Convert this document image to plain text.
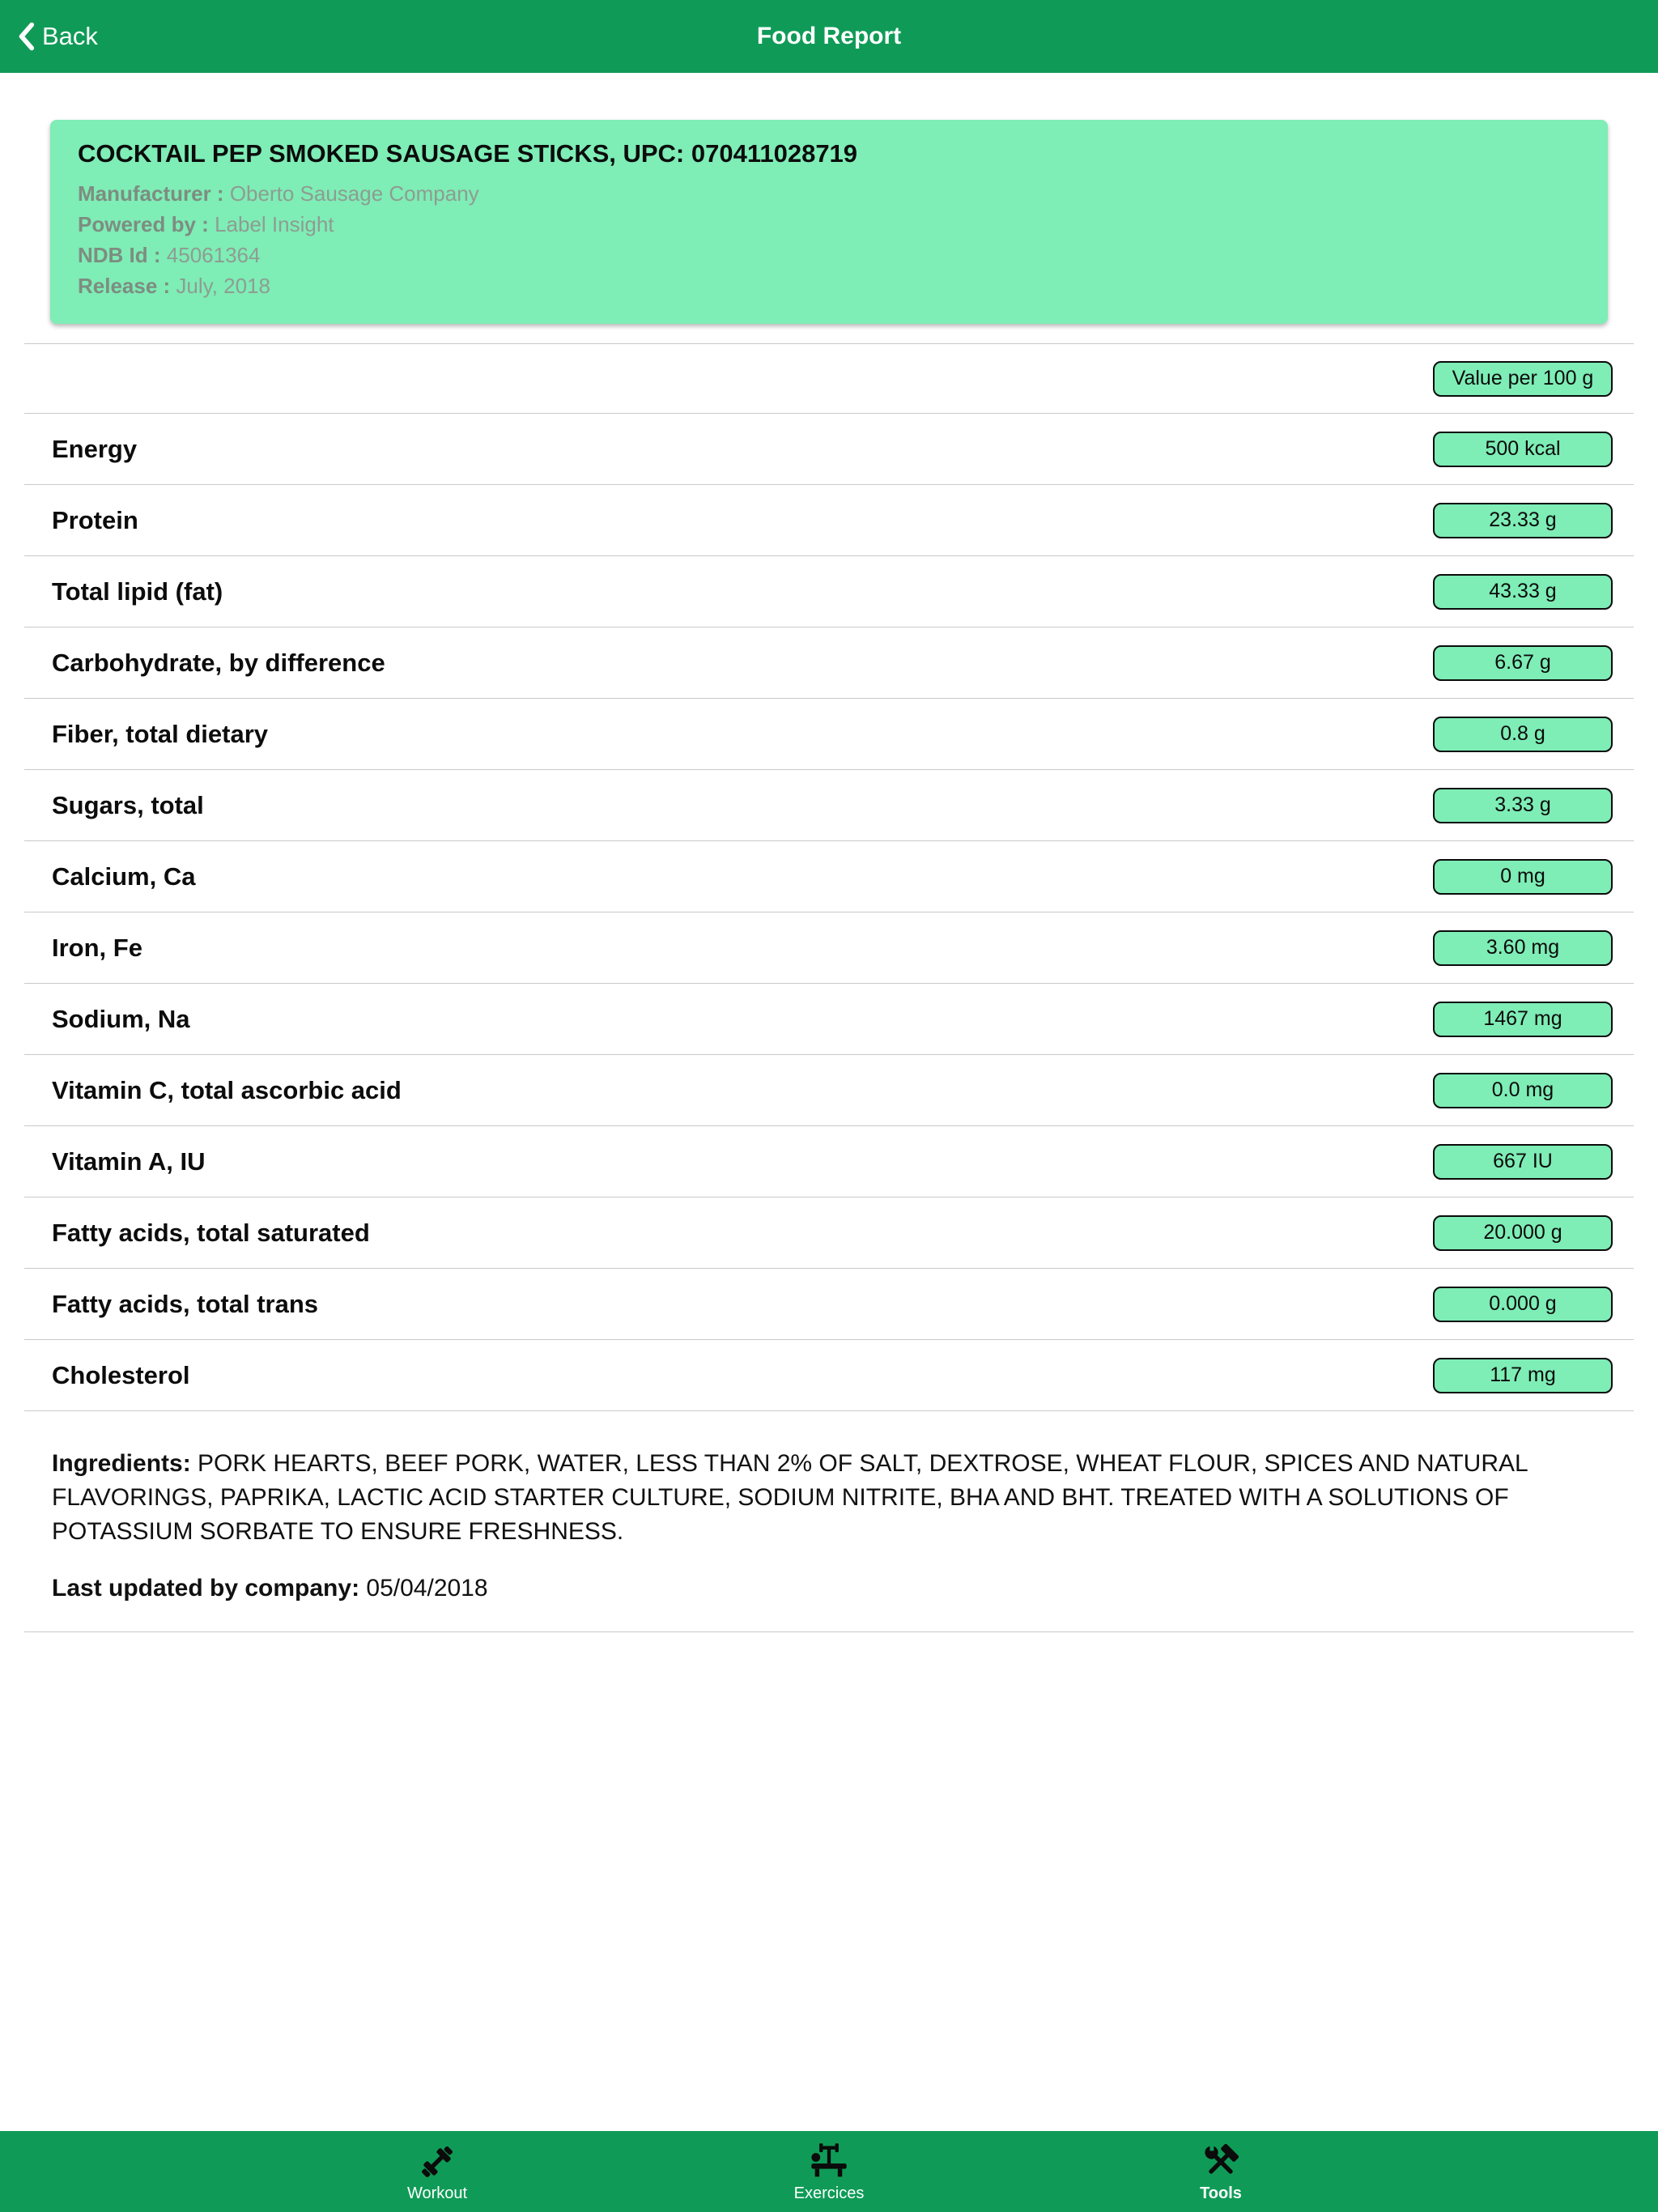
Back	Food Report
COCKTAIL PEP SMOKED SAUSAGE STICKS, UPC: 070411028719
Manufacturer : Oberto Sausage Company
Powered by : Label Insight
NDB Id : 45061364
Release : July, 2018
Value per 100 g
Energy	500 kcal
Protein	23.33 g
Total lipid (fat)	43.33 g
Carbohydrate, by difference	6.67 g
Fiber, total dietary	0.8 g
Sugars, total	3.33 g
Calcium, Ca	0 mg
Iron, Fe	3.60 mg
Sodium, Na	1467 mg
Vitamin C, total ascorbic acid	0.0 mg
Vitamin A, IU	667 IU
Fatty acids, total saturated	20.000 g
Fatty acids, total trans	0.000 g
Cholesterol	117 mg

Ingredients: PORK HEARTS, BEEF PORK, WATER, LESS THAN 2% OF SALT, DEXTROSE, WHEAT FLOUR, SPICES AND NATURAL FLAVORINGS, PAPRIKA, LACTIC ACID STARTER CULTURE, SODIUM NITRITE, BHA AND BHT. TREATED WITH A SOLUTIONS OF POTASSIUM SORBATE TO ENSURE FRESHNESS.

Last updated by company: 05/04/2018

Workout	Exercices	Tools
